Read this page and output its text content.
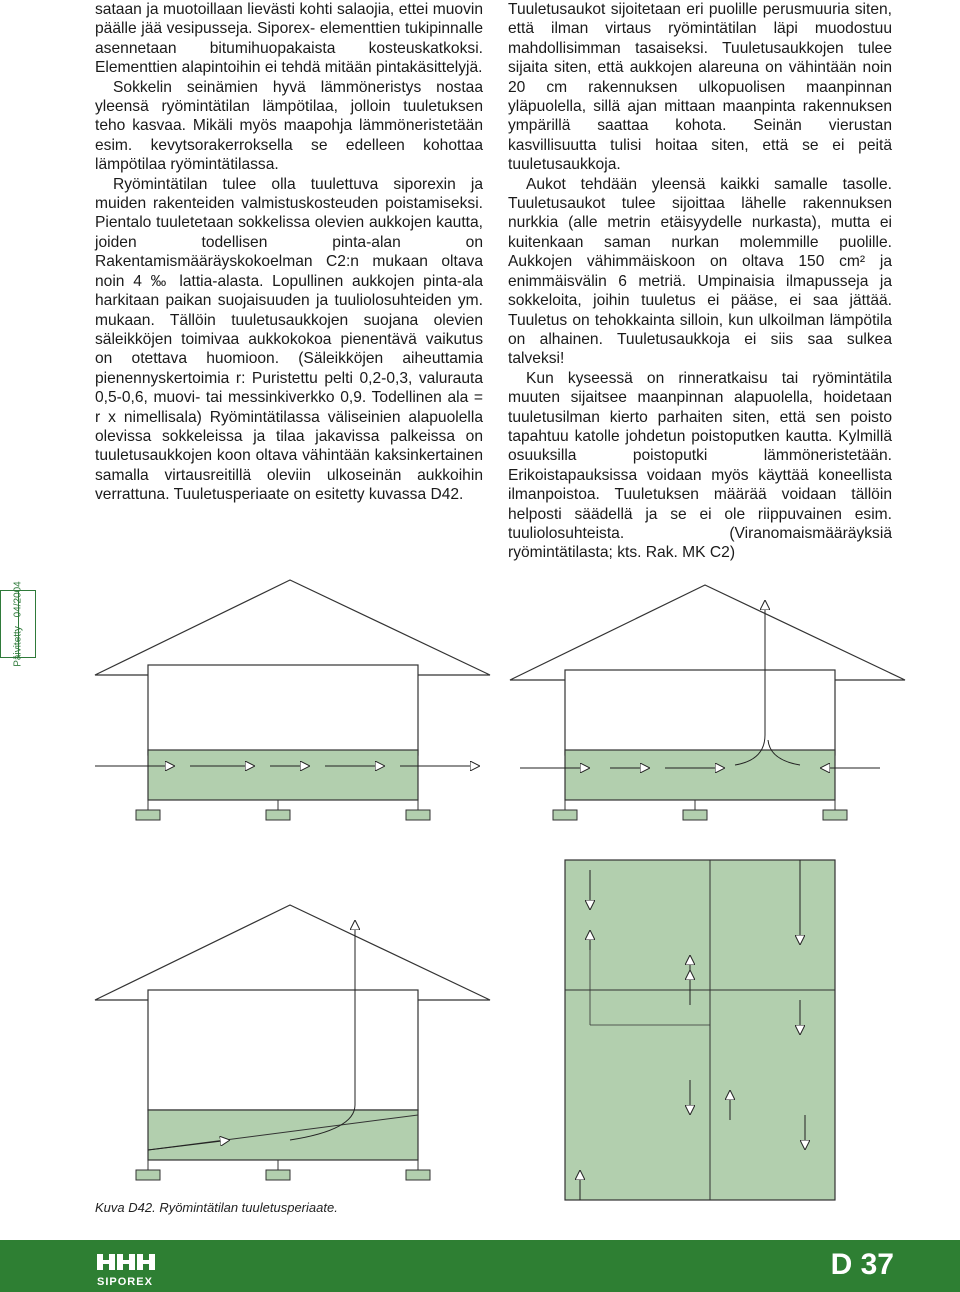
sataan ja muotoillaan lievästi kohti salaojia, ettei muovin päälle jää vesipusseja. Siporex- elementtien tukipinnalle asennetaan bitumihuopakaista kosteuskatkoksi. Elementtien alapintoihin ei tehdä mitään pintakäsittelyjä.

Sokkelin seinämien hyvä lämmöneristys nostaa yleensä ryömintätilan lämpötilaa, jolloin tuuletuksen teho kasvaa. Mikäli myös maapohja lämmöneristetään esim. kevytsorakerroksella se edelleen kohottaa lämpötilaa ryömintätilassa.

Ryömintätilan tulee olla tuulettuva siporexin ja muiden rakenteiden valmistuskosteuden poistamiseksi. Pientalo tuuletetaan sokkelissa olevien aukkojen kautta, joiden todellisen pinta-alan on Rakentamismääräyskokoelman C2:n mukaan oltava noin 4 ‰ lattia-alasta. Lopullinen aukkojen pinta-ala harkitaan paikan suojaisuuden ja tuuliolosuhteiden ym. mukaan. Tällöin tuuletusaukkojen suojana olevien säleikköjen toimivaa aukkokokoa pienentävä vaikutus on otettava huomioon. (Säleikköjen aiheuttamia pienennyskertoimia r: Puristettu pelti 0,2-0,3, valurauta 0,5-0,6, muovi- tai messinkiverkko 0,9. Todellinen ala = r x nimellisala) Ryömintätilassa väliseinien alapuolella olevissa sokkeleissa ja tilaa jakavissa palkeissa on tuuletusaukkojen koon oltava vähintään kaksinkertainen samalla virtausreitillä oleviin ulkoseinän aukkoihin verrattuna. Tuuletusperiaate on esitetty kuvassa D42.

Tuuletusaukot sijoitetaan eri puolille perusmuuria siten, että ilman virtaus ryömintätilan läpi muodostuu mahdollisimman tasaiseksi. Tuuletusaukkojen tulee sijaita siten, että aukkojen alareuna on vähintään noin 20 cm rakennuksen ulkopuolisen maanpinnan yläpuolella, sillä ajan mittaan maanpinta rakennuksen ympärillä saattaa kohota. Seinän vierustan kasvillisuutta tulisi hoitaa siten, että se ei peitä tuuletusaukkoja.

Aukot tehdään yleensä kaikki samalle tasolle. Tuuletusaukot tulee sijoittaa lähelle rakennuksen nurkkia (alle metrin etäisyydelle nurkasta), mutta ei kuitenkaan saman nurkan molemmille puolille. Aukkojen vähimmäiskoon on oltava 150 cm² ja enimmäisvälin 6 metriä. Umpinaisia ilmapusseja ja sokkeloita, joihin tuuletus ei pääse, ei saa jättää. Tuuletus on tehokkainta silloin, kun ulkoilman lämpötila on alhainen. Tuuletusaukkoja ei siis saa sulkea talveksi!

Kun kyseessä on rinneratkaisu tai ryömintätila muuten sijaitsee maanpinnan alapuolella, hoidetaan tuuletusilman kierto parhaiten siten, että sen poisto tapahtuu katolle johdetun poistoputken kautta. Kylmillä osuuksilla poistoputki lämmöneristetään. Erikoistapauksissa voidaan myös käyttää koneellista ilmanpoistoa. Tuuletuksen määrää voidaan tällöin helposti säädellä ja se ei ole riippuvainen esim. tuuliolosuhteista. (Viranomaismääräyksiä ryömintätilasta; kts. Rak. MK C2)

Päivitetty 04/2004
Kuva D42. Ryömintätilan tuuletusperiaate.
SIPOREX
D 37
